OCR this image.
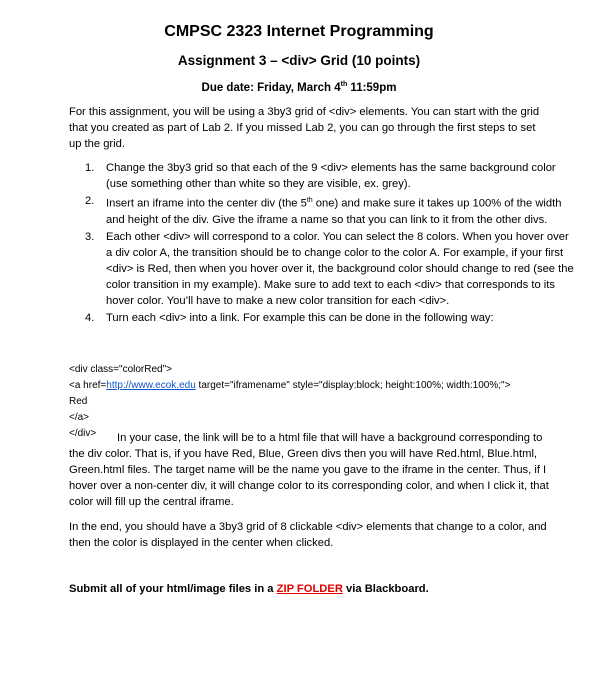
CMPSC 2323 Internet Programming
Assignment 3 – <div> Grid (10 points)
Due date: Friday, March 4th 11:59pm

For this assignment, you will be using a 3by3 grid of <div> elements. You can start with the grid that you created as part of Lab 2. If you missed Lab 2, you can go through the first steps to set up the grid.

1. Change the 3by3 grid so that each of the 9 <div> elements has the same background color (use something other than white so they are visible, ex. grey).
2. Insert an iframe into the center div (the 5th one) and make sure it takes up 100% of the width and height of the div. Give the iframe a name so that you can link to it from the other divs.
3. Each other <div> will correspond to a color. You can select the 8 colors. When you hover over a div color A, the transition should be to change color to the color A. For example, if your first <div> is Red, then when you hover over it, the background color should change to red (see the color transition in my example). Make sure to add text to each <div> that corresponds to its hover color. You’ll have to make a new color transition for each <div>.
4. Turn each <div> into a link. For example this can be done in the following way:
<div class="colorRed">
<a href=http://www.ecok.edu target="iframename" style="display:block; height:100%; width:100%;">
Red
</a>
</div>	In your case, the link will be to a html file that will have a background corresponding to the div color. That is, if you have Red, Blue, Green divs then you will have Red.html, Blue.html, Green.html files. The target name will be the name you gave to the iframe in the center. Thus, if I hover over a non-center div, it will change color to its corresponding color, and when I click it, that color will fill up the central iframe.

In the end, you should have a 3by3 grid of 8 clickable <div> elements that change to a color, and then the color is displayed in the center when clicked.

Submit all of your html/image files in a ZIP FOLDER via Blackboard.
